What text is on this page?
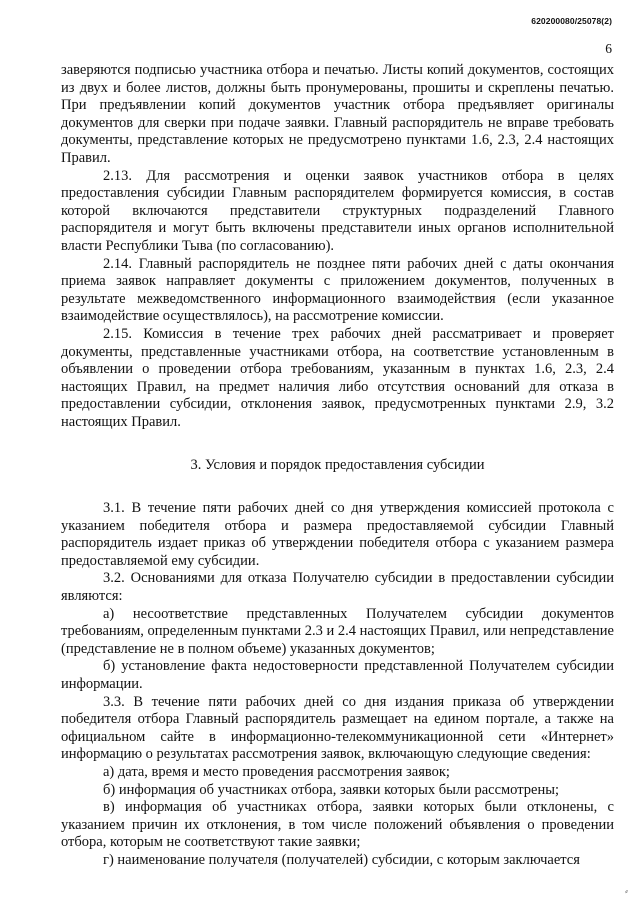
620200080/25078(2)
6

заверяются подписью участника отбора и печатью. Листы копий документов, состоящих из двух и более листов, должны быть пронумерованы, прошиты и скреплены печатью. При предъявлении копий документов участник отбора предъявляет оригиналы документов для сверки при подаче заявки. Главный распорядитель не вправе требовать документы, представление которых не предусмотрено пунктами 1.6, 2.3, 2.4 настоящих Правил.

2.13. Для рассмотрения и оценки заявок участников отбора в целях предоставления субсидии Главным распорядителем формируется комиссия, в состав которой включаются представители структурных подразделений Главного распорядителя и могут быть включены представители иных органов исполнительной власти Республики Тыва (по согласованию).

2.14. Главный распорядитель не позднее пяти рабочих дней с даты окончания приема заявок направляет документы с приложением документов, полученных в результате межведомственного информационного взаимодействия (если указанное взаимодействие осуществлялось), на рассмотрение комиссии.

2.15. Комиссия в течение трех рабочих дней рассматривает и проверяет документы, представленные участниками отбора, на соответствие установленным в объявлении о проведении отбора требованиям, указанным в пунктах 1.6, 2.3, 2.4 настоящих Правил, на предмет наличия либо отсутствия оснований для отказа в предоставлении субсидии, отклонения заявок, предусмотренных пунктами 2.9, 3.2 настоящих Правил.

3. Условия и порядок предоставления субсидии

3.1. В течение пяти рабочих дней со дня утверждения комиссией протокола с указанием победителя отбора и размера предоставляемой субсидии Главный распорядитель издает приказ об утверждении победителя отбора с указанием размера предоставляемой ему субсидии.

3.2. Основаниями для отказа Получателю субсидии в предоставлении субсидии являются:

а) несоответствие представленных Получателем субсидии документов требованиям, определенным пунктами 2.3 и 2.4 настоящих Правил, или непредставление (представление не в полном объеме) указанных документов;

б) установление факта недостоверности представленной Получателем субсидии информации.

3.3. В течение пяти рабочих дней со дня издания приказа об утверждении победителя отбора Главный распорядитель размещает на едином портале, а также на официальном сайте в информационно-телекоммуникационной сети «Интернет» информацию о результатах рассмотрения заявок, включающую следующие сведения:

а) дата, время и место проведения рассмотрения заявок;

б) информация об участниках отбора, заявки которых были рассмотрены;

в) информация об участниках отбора, заявки которых были отклонены, с указанием причин их отклонения, в том числе положений объявления о проведении отбора, которым не соответствуют такие заявки;

г) наименование получателя (получателей) субсидии, с которым заключается

⸗
